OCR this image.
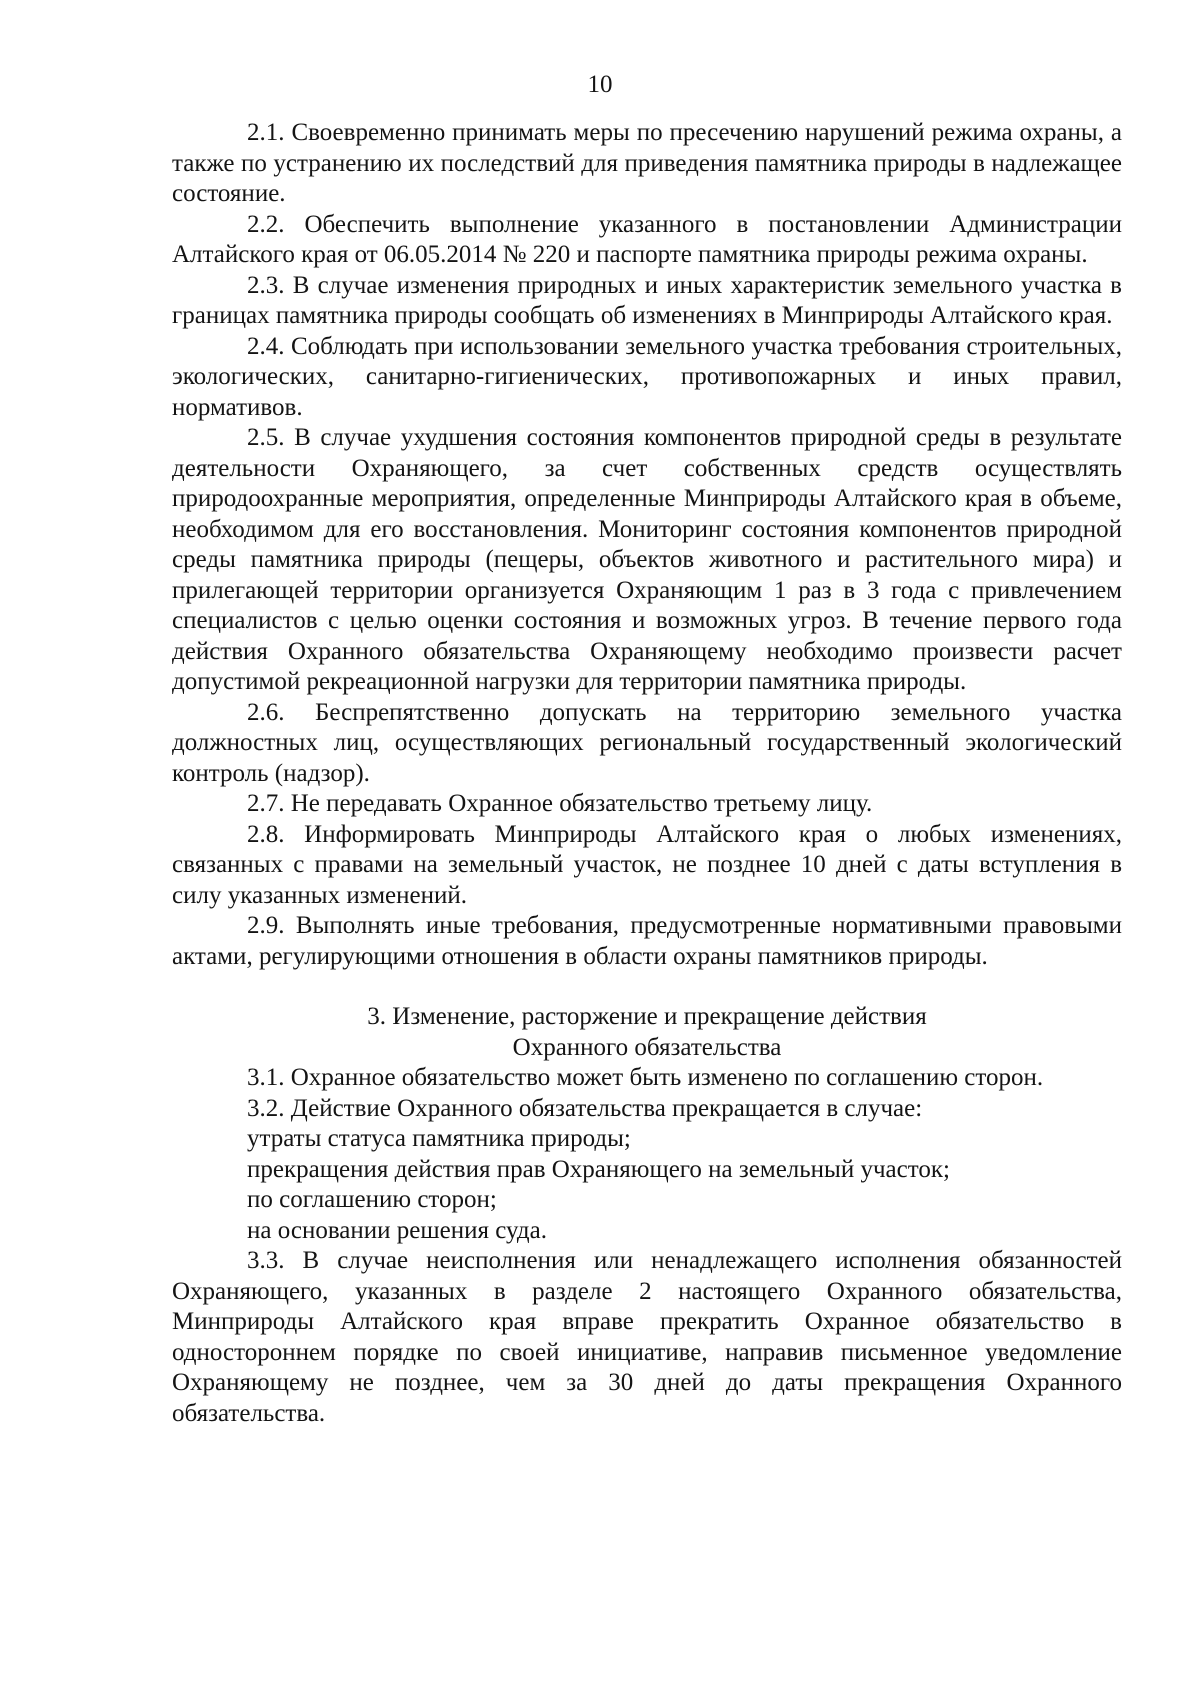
10

2.1. Своевременно принимать меры по пресечению нарушений режима охраны, а также по устранению их последствий для приведения памятника природы в надлежащее состояние.

2.2. Обеспечить выполнение указанного в постановлении Администрации Алтайского края от 06.05.2014 № 220 и паспорте памятника природы режима охраны.

2.3. В случае изменения природных и иных характеристик земельного участка в границах памятника природы сообщать об изменениях в Минприроды Алтайского края.

2.4. Соблюдать при использовании земельного участка требования строительных, экологических, санитарно-гигиенических, противопожарных и иных правил, нормативов.

2.5. В случае ухудшения состояния компонентов природной среды в результате деятельности Охраняющего, за счет собственных средств осуществлять природоохранные мероприятия, определенные Минприроды Алтайского края в объеме, необходимом для его восстановления. Мониторинг состояния компонентов природной среды памятника природы (пещеры, объектов животного и растительного мира) и прилегающей территории организуется Охраняющим 1 раз в 3 года с привлечением специалистов с целью оценки состояния и возможных угроз. В течение первого года действия Охранного обязательства Охраняющему необходимо произвести расчет допустимой рекреационной нагрузки для территории памятника природы.

2.6. Беспрепятственно допускать на территорию земельного участка должностных лиц, осуществляющих региональный государственный экологический контроль (надзор).

2.7. Не передавать Охранное обязательство третьему лицу.

2.8. Информировать Минприроды Алтайского края о любых изменениях, связанных с правами на земельный участок, не позднее 10 дней с даты вступления в силу указанных изменений.

2.9. Выполнять иные требования, предусмотренные нормативными правовыми актами, регулирующими отношения в области охраны памятников природы.

3. Изменение, расторжение и прекращение действия
Охранного обязательства

3.1. Охранное обязательство может быть изменено по соглашению сторон.

3.2. Действие Охранного обязательства прекращается в случае:

утраты статуса памятника природы;

прекращения действия прав Охраняющего на земельный участок;

по соглашению сторон;

на основании решения суда.

3.3. В случае неисполнения или ненадлежащего исполнения обязанностей Охраняющего, указанных в разделе 2 настоящего Охранного обязательства, Минприроды Алтайского края вправе прекратить Охранное обязательство в одностороннем порядке по своей инициативе, направив письменное уведомление Охраняющему не позднее, чем за 30 дней до даты прекращения Охранного обязательства.
